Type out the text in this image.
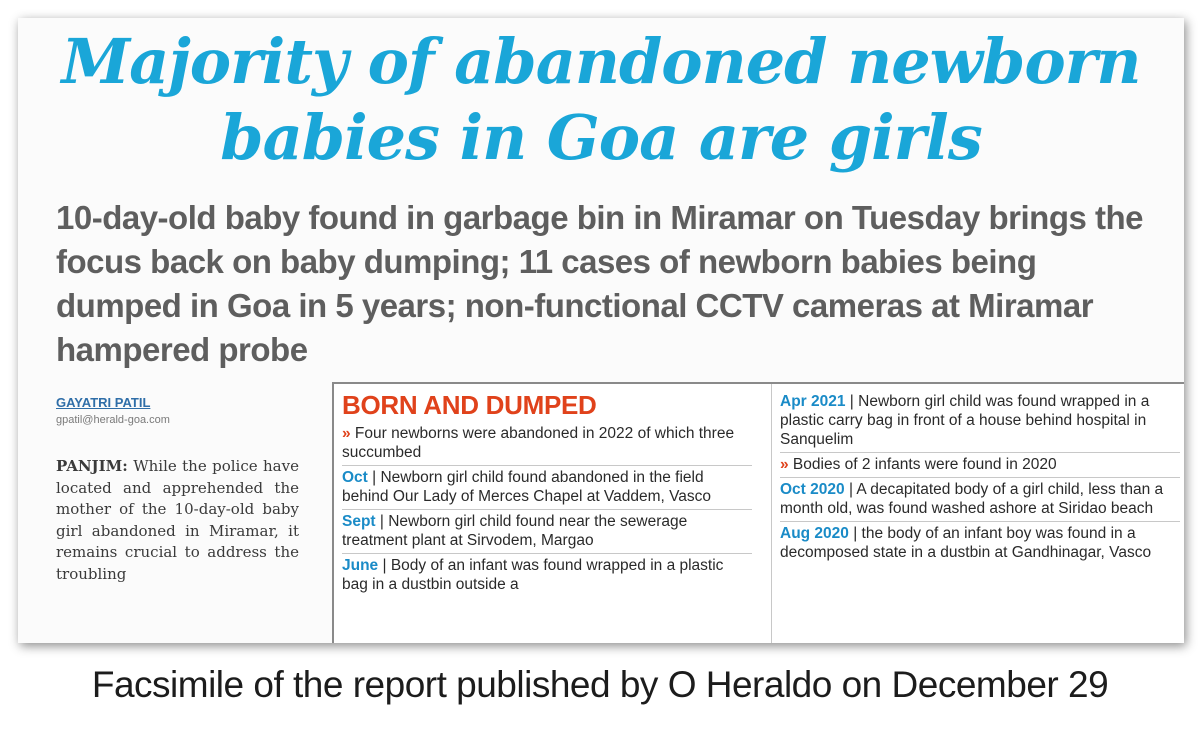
Majority of abandoned newborn
babies in Goa are girls

10-day-old baby found in garbage bin in Miramar on Tuesday brings the focus back on baby dumping; 11 cases of newborn babies being dumped in Goa in 5 years; non-functional CCTV cameras at Miramar hampered probe

GAYATRI PATIL
gpatil@herald-goa.com
PANJIM: While the police have located and apprehended the mother of the 10-day-old baby girl abandoned in Miramar, it remains crucial to address the troubling
BORN AND DUMPED
» Four newborns were abandoned in 2022 of which three succumbed
Oct | Newborn girl child found abandoned in the field behind Our Lady of Merces Chapel at Vaddem, Vasco
Sept | Newborn girl child found near the sewerage treatment plant at Sirvodem, Margao
June | Body of an infant was found wrapped in a plastic bag in a dustbin outside a
Apr 2021 | Newborn girl child was found wrapped in a plastic carry bag in front of a house behind hospital in Sanquelim
» Bodies of 2 infants were found in 2020
Oct 2020 | A decapitated body of a girl child, less than a month old, was found washed ashore at Siridao beach
Aug 2020 | the body of an infant boy was found in a decomposed state in a dustbin at Gandhinagar, Vasco

Facsimile of the report published by O Heraldo on December 29
